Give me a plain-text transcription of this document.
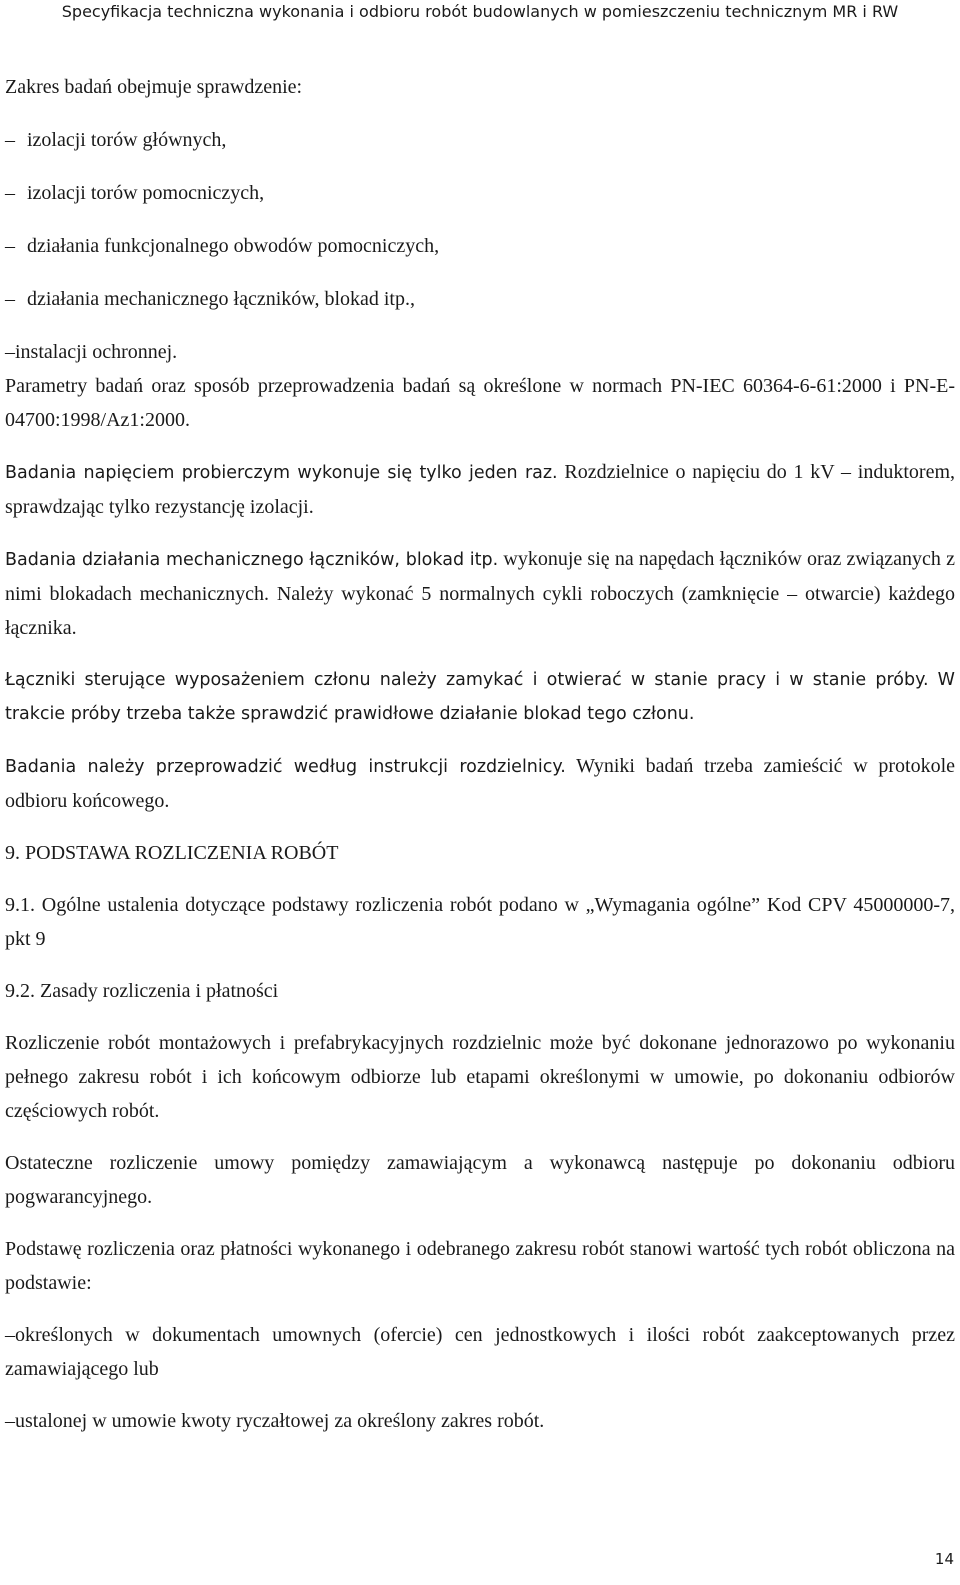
Specyfikacja techniczna wykonania i odbioru robót budowlanych w pomieszczeniu technicznym MR i RW

Zakres badań obejmuje sprawdzenie:

– izolacji torów głównych,

– izolacji torów pomocniczych,

– działania funkcjonalnego obwodów pomocniczych,

– działania mechanicznego łączników, blokad itp.,

–instalacji ochronnej.

Parametry badań oraz sposób przeprowadzenia badań są określone w normach PN-IEC 60364-6-61:2000 i PN-E-04700:1998/Az1:2000.

Badania napięciem probierczym wykonuje się tylko jeden raz. Rozdzielnice o napięciu do 1 kV – induktorem, sprawdzając tylko rezystancję izolacji.

Badania działania mechanicznego łączników, blokad itp. wykonuje się na napędach łączników oraz związanych z nimi blokadach mechanicznych. Należy wykonać 5 normalnych cykli roboczych (zamknięcie – otwarcie) każdego łącznika.

Łączniki sterujące wyposażeniem członu należy zamykać i otwierać w stanie pracy i w stanie próby. W trakcie próby trzeba także sprawdzić prawidłowe działanie blokad tego członu.

Badania należy przeprowadzić według instrukcji rozdzielnicy. Wyniki badań trzeba zamieścić w protokole odbioru końcowego.

9. PODSTAWA ROZLICZENIA ROBÓT

9.1. Ogólne ustalenia dotyczące podstawy rozliczenia robót podano w „Wymagania ogólne” Kod CPV 45000000-7, pkt 9

9.2. Zasady rozliczenia i płatności

Rozliczenie robót montażowych i prefabrykacyjnych rozdzielnic może być dokonane jednorazowo po wykonaniu pełnego zakresu robót i ich końcowym odbiorze lub etapami określonymi w umowie, po dokonaniu odbiorów częściowych robót.

Ostateczne rozliczenie umowy pomiędzy zamawiającym a wykonawcą następuje po dokonaniu odbioru pogwarancyjnego.

Podstawę rozliczenia oraz płatności wykonanego i odebranego zakresu robót stanowi wartość tych robót obliczona na podstawie:

–określonych w dokumentach umownych (ofercie) cen jednostkowych i ilości robót zaakceptowanych przez zamawiającego lub

–ustalonej w umowie kwoty ryczałtowej za określony zakres robót.

14
